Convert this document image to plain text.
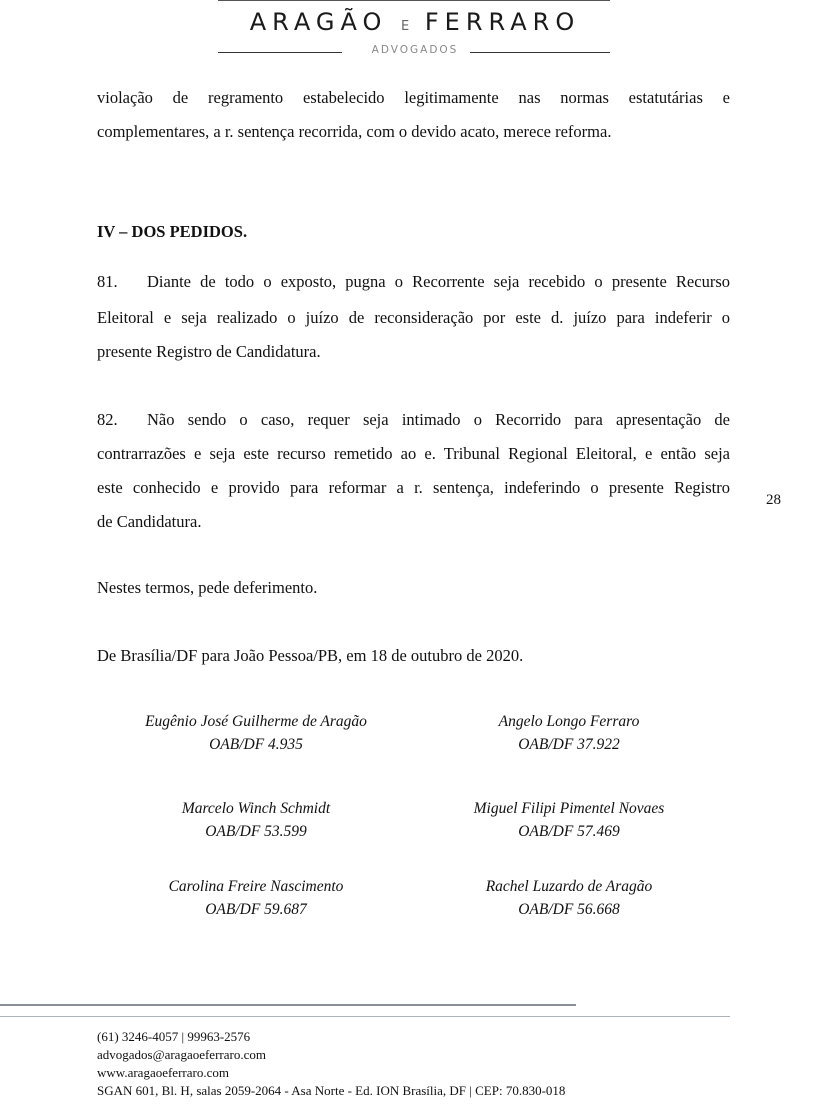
ARAGÃO E FERRARO
ADVOGADOS

violação de regramento estabelecido legitimamente nas normas estatutárias e

complementares, a r. sentença recorrida, com o devido acato, merece reforma.

IV – DOS PEDIDOS.

81. Diante de todo o exposto, pugna o Recorrente seja recebido o presente Recurso

Eleitoral e seja realizado o juízo de reconsideração por este d. juízo para indeferir o

presente Registro de Candidatura.

82. Não sendo o caso, requer seja intimado o Recorrido para apresentação de

contrarrazões e seja este recurso remetido ao e. Tribunal Regional Eleitoral, e então seja

este conhecido e provido para reformar a r. sentença, indeferindo o presente Registro

de Candidatura.

28

Nestes termos, pede deferimento.

De Brasília/DF para João Pessoa/PB, em 18 de outubro de 2020.

Eugênio José Guilherme de Aragão
OAB/DF 4.935
Angelo Longo Ferraro
OAB/DF 37.922
Marcelo Winch Schmidt
OAB/DF 53.599
Miguel Filipi Pimentel Novaes
OAB/DF 57.469
Carolina Freire Nascimento
OAB/DF 59.687
Rachel Luzardo de Aragão
OAB/DF 56.668
(61) 3246-4057 | 99963-2576
advogados@aragaoeferraro.com
www.aragaoeferraro.com
SGAN 601, Bl. H, salas 2059-2064 - Asa Norte - Ed. ION Brasília, DF | CEP: 70.830-018
